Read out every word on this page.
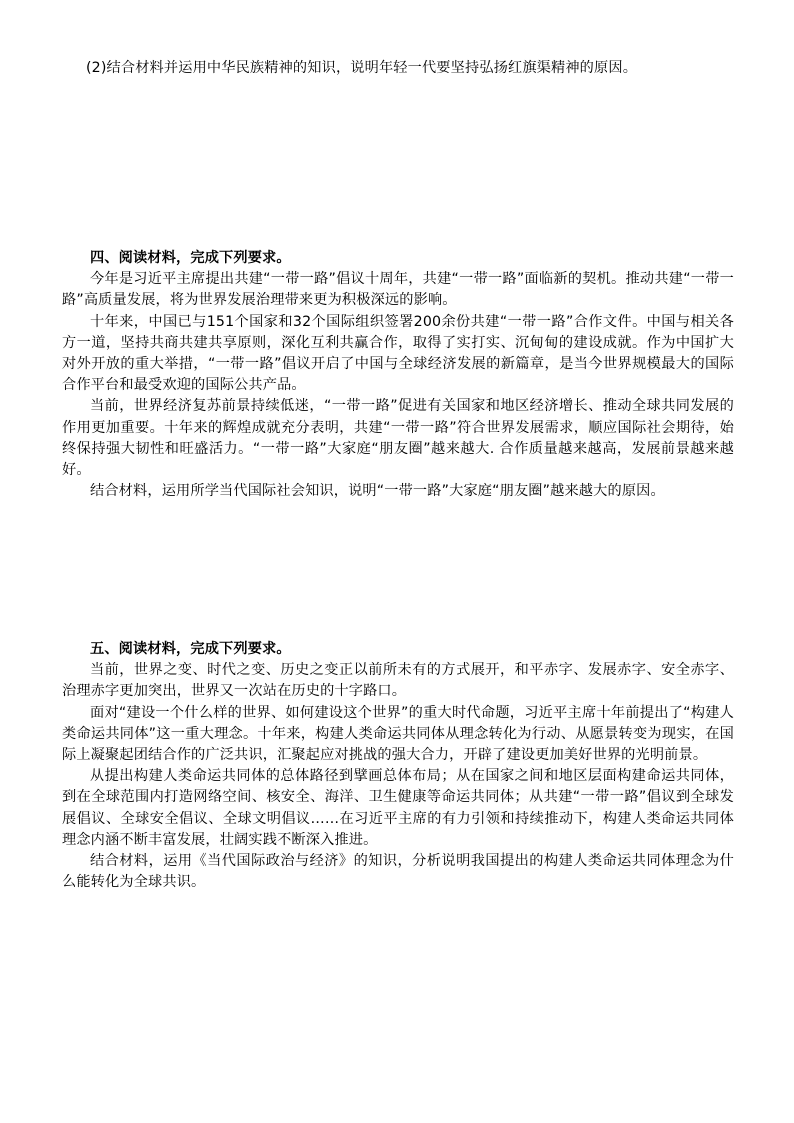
(2)结合材料并运用中华民族精神的知识，说明年轻一代要坚持弘扬红旗渠精神的原因。

四、阅读材料，完成下列要求。

今年是习近平主席提出共建“一带一路”倡议十周年，共建“一带一路”面临新的契机。推动共建“一带一路”高质量发展，将为世界发展治理带来更为积极深远的影响。

十年来，中国已与151个国家和32个国际组织签署200余份共建“一带一路”合作文件。中国与相关各方一道，坚持共商共建共享原则，深化互利共赢合作，取得了实打实、沉甸甸的建设成就。作为中国扩大对外开放的重大举措，“一带一路”倡议开启了中国与全球经济发展的新篇章，是当今世界规模最大的国际合作平台和最受欢迎的国际公共产品。

当前，世界经济复苏前景持续低迷，“一带一路”促进有关国家和地区经济增长、推动全球共同发展的作用更加重要。十年来的辉煌成就充分表明，共建“一带一路”符合世界发展需求，顺应国际社会期待，始终保持强大韧性和旺盛活力。“一带一路”大家庭“朋友圈”越来越大. 合作质量越来越高，发展前景越来越好。

结合材料，运用所学当代国际社会知识，说明“一带一路”大家庭“朋友圈”越来越大的原因。

五、阅读材料，完成下列要求。

当前，世界之变、时代之变、历史之变正以前所未有的方式展开，和平赤字、发展赤字、安全赤字、治理赤字更加突出，世界又一次站在历史的十字路口。

面对“建设一个什么样的世界、如何建设这个世界”的重大时代命题，习近平主席十年前提出了“构建人类命运共同体”这一重大理念。十年来，构建人类命运共同体从理念转化为行动、从愿景转变为现实，在国际上凝聚起团结合作的广泛共识，汇聚起应对挑战的强大合力，开辟了建设更加美好世界的光明前景。

从提出构建人类命运共同体的总体路径到擘画总体布局；从在国家之间和地区层面构建命运共同体，到在全球范围内打造网络空间、核安全、海洋、卫生健康等命运共同体；从共建“一带一路”倡议到全球发展倡议、全球安全倡议、全球文明倡议……在习近平主席的有力引领和持续推动下，构建人类命运共同体理念内涵不断丰富发展，壮阔实践不断深入推进。

结合材料，运用《当代国际政治与经济》的知识，分析说明我国提出的构建人类命运共同体理念为什么能转化为全球共识。
